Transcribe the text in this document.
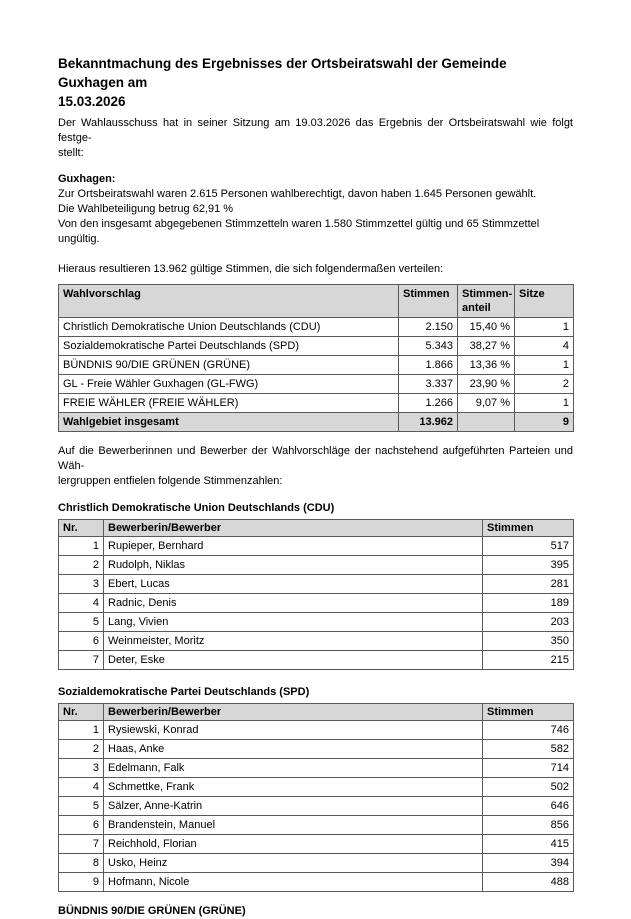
Bekanntmachung des Ergebnisses der Ortsbeiratswahl der Gemeinde Guxhagen am
15.03.2026
Der Wahlausschuss hat in seiner Sitzung am 19.03.2026 das Ergebnis der Ortsbeiratswahl wie folgt festge-
stellt:
Guxhagen:
Zur Ortsbeiratswahl waren 2.615 Personen wahlberechtigt, davon haben 1.645 Personen gewählt.
Die Wahlbeteiligung betrug 62,91 %
Von den insgesamt abgegebenen Stimmzetteln waren 1.580 Stimmzettel gültig und 65 Stimmzettel ungültig.
Hieraus resultieren 13.962 gültige Stimmen, die sich folgendermaßen verteilen:
Wahlvorschlag	Stimmen	Stimmen-anteil	Sitze
Christlich Demokratische Union Deutschlands (CDU)	2.150	15,40 %	1
Sozialdemokratische Partei Deutschlands (SPD)	5.343	38,27 %	4
BÜNDNIS 90/DIE GRÜNEN (GRÜNE)	1.866	13,36 %	1
GL - Freie Wähler Guxhagen (GL-FWG)	3.337	23,90 %	2
FREIE WÄHLER (FREIE WÄHLER)	1.266	9,07 %	1
Wahlgebiet insgesamt	13.962		9
Auf die Bewerberinnen und Bewerber der Wahlvorschläge der nachstehend aufgeführten Parteien und Wäh-
lergruppen entfielen folgende Stimmenzahlen:
Christlich Demokratische Union Deutschlands (CDU)
Nr.	Bewerberin/Bewerber	Stimmen
1	Rupieper, Bernhard	517
2	Rudolph, Niklas	395
3	Ebert, Lucas	281
4	Radnic, Denis	189
5	Lang, Vivien	203
6	Weinmeister, Moritz	350
7	Deter, Eske	215
Sozialdemokratische Partei Deutschlands (SPD)
Nr.	Bewerberin/Bewerber	Stimmen
1	Rysiewski, Konrad	746
2	Haas, Anke	582
3	Edelmann, Falk	714
4	Schmettke, Frank	502
5	Sälzer, Anne-Katrin	646
6	Brandenstein, Manuel	856
7	Reichhold, Florian	415
8	Usko, Heinz	394
9	Hofmann, Nicole	488
BÜNDNIS 90/DIE GRÜNEN (GRÜNE)
